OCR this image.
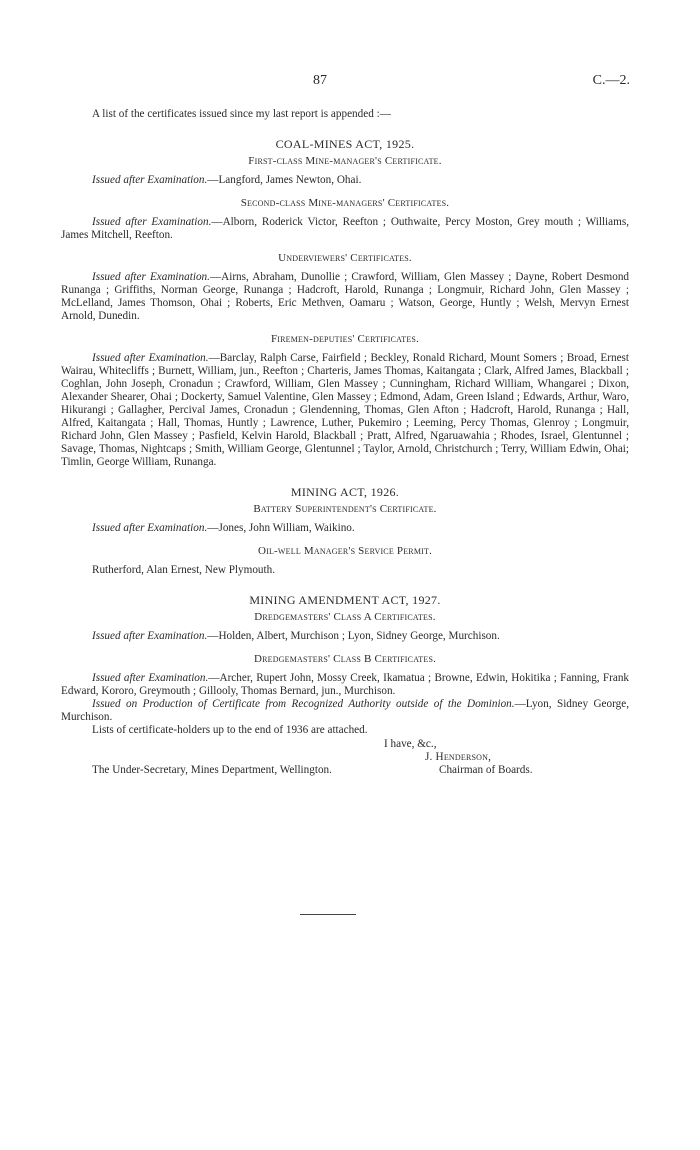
87	C.—2.

A list of the certificates issued since my last report is appended :—

COAL-MINES ACT, 1925.
First-class Mine-manager's Certificate.

Issued after Examination.—Langford, James Newton, Ohai.

Second-class Mine-managers' Certificates.

Issued after Examination.—Alborn, Roderick Victor, Reefton ; Outhwaite, Percy Moston, Grey mouth ; Williams, James Mitchell, Reefton.

Underviewers' Certificates.

Issued after Examination.—Airns, Abraham, Dunollie ; Crawford, William, Glen Massey ; Dayne, Robert Desmond Runanga ; Griffiths, Norman George, Runanga ; Hadcroft, Harold, Runanga ; Longmuir, Richard John, Glen Massey ; McLelland, James Thomson, Ohai ; Roberts, Eric Methven, Oamaru ; Watson, George, Huntly ; Welsh, Mervyn Ernest Arnold, Dunedin.

Firemen-deputies' Certificates.

Issued after Examination.—Barclay, Ralph Carse, Fairfield ; Beckley, Ronald Richard, Mount Somers ; Broad, Ernest Wairau, Whitecliffs ; Burnett, William, jun., Reefton ; Charteris, James Thomas, Kaitangata ; Clark, Alfred James, Blackball ; Coghlan, John Joseph, Cronadun ; Crawford, William, Glen Massey ; Cunningham, Richard William, Whangarei ; Dixon, Alexander Shearer, Ohai ; Dockerty, Samuel Valentine, Glen Massey ; Edmond, Adam, Green Island ; Edwards, Arthur, Waro, Hikurangi ; Gallagher, Percival James, Cronadun ; Glendenning, Thomas, Glen Afton ; Hadcroft, Harold, Runanga ; Hall, Alfred, Kaitangata ; Hall, Thomas, Huntly ; Lawrence, Luther, Pukemiro ; Leeming, Percy Thomas, Glenroy ; Longmuir, Richard John, Glen Massey ; Pasfield, Kelvin Harold, Blackball ; Pratt, Alfred, Ngaruawahia ; Rhodes, Israel, Glentunnel ; Savage, Thomas, Nightcaps ; Smith, William George, Glentunnel ; Taylor, Arnold, Christchurch ; Terry, William Edwin, Ohai; Timlin, George William, Runanga.

MINING ACT, 1926.
Battery Superintendent's Certificate.

Issued after Examination.—Jones, John William, Waikino.

Oil-well Manager's Service Permit.

Rutherford, Alan Ernest, New Plymouth.

MINING AMENDMENT ACT, 1927.
Dredgemasters' Class A Certificates.

Issued after Examination.—Holden, Albert, Murchison ; Lyon, Sidney George, Murchison.

Dredgemasters' Class B Certificates.

Issued after Examination.—Archer, Rupert John, Mossy Creek, Ikamatua ; Browne, Edwin, Hokitika ; Fanning, Frank Edward, Kororo, Greymouth ; Gillooly, Thomas Bernard, jun., Murchison.

Issued on Production of Certificate from Recognized Authority outside of the Dominion.—Lyon, Sidney George, Murchison.

Lists of certificate-holders up to the end of 1936 are attached.

I have, &c.,
J. Henderson,
The Under-Secretary, Mines Department, Wellington.	Chairman of Boards.
